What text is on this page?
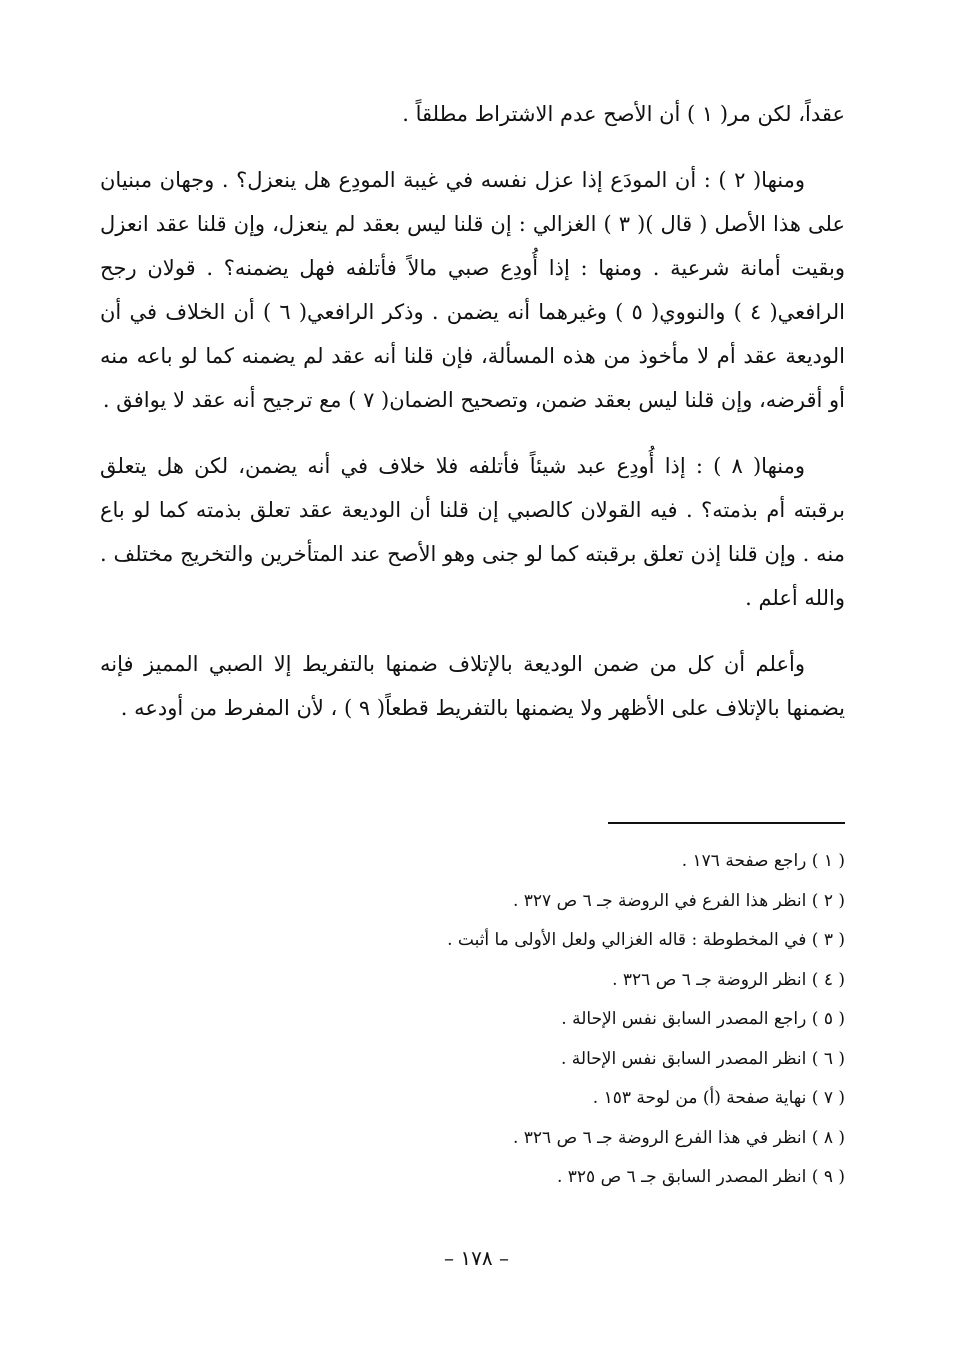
عقداً، لكن مر( ١ ) أن الأصح عدم الاشتراط مطلقاً .

ومنها( ٢ ) : أن المودَع إذا عزل نفسه في غيبة المودِع هل ينعزل؟ . وجهان مبنيان على هذا الأصل ( قال )( ٣ ) الغزالي : إن قلنا ليس بعقد لم ينعزل، وإن قلنا عقد انعزل وبقيت أمانة شرعية . ومنها : إذا أُودِع صبي مالاً فأتلفه فهل يضمنه؟ . قولان رجح الرافعي( ٤ ) والنووي( ٥ ) وغيرهما أنه يضمن . وذكر الرافعي( ٦ ) أن الخلاف في أن الوديعة عقد أم لا مأخوذ من هذه المسألة، فإن قلنا أنه عقد لم يضمنه كما لو باعه منه أو أقرضه، وإن قلنا ليس بعقد ضمن، وتصحيح الضمان( ٧ ) مع ترجيح أنه عقد لا يوافق .

ومنها( ٨ ) : إذا أُودِع عبد شيئاً فأتلفه فلا خلاف في أنه يضمن، لكن هل يتعلق برقبته أم بذمته؟ . فيه القولان كالصبي إن قلنا أن الوديعة عقد تعلق بذمته كما لو باع منه . وإن قلنا إذن تعلق برقبته كما لو جنى وهو الأصح عند المتأخرين والتخريج مختلف . والله أعلم .

وأعلم أن كل من ضمن الوديعة بالإتلاف ضمنها بالتفريط إلا الصبي المميز فإنه يضمنها بالإتلاف على الأظهر ولا يضمنها بالتفريط قطعاً( ٩ ) ، لأن المفرط من أودعه .

( ١ ) راجع صفحة ١٧٦ .

( ٢ ) انظر هذا الفرع في الروضة جـ ٦ ص ٣٢٧ .

( ٣ ) في المخطوطة : قاله الغزالي ولعل الأولى ما أثبت .

( ٤ ) انظر الروضة جـ ٦ ص ٣٢٦ .

( ٥ ) راجع المصدر السابق نفس الإحالة .

( ٦ ) انظر المصدر السابق نفس الإحالة .

( ٧ ) نهاية صفحة (أ) من لوحة ١٥٣ .

( ٨ ) انظر في هذا الفرع الروضة جـ ٦ ص ٣٢٦ .

( ٩ ) انظر المصدر السابق جـ ٦ ص ٣٢٥ .

– ١٧٨ –
